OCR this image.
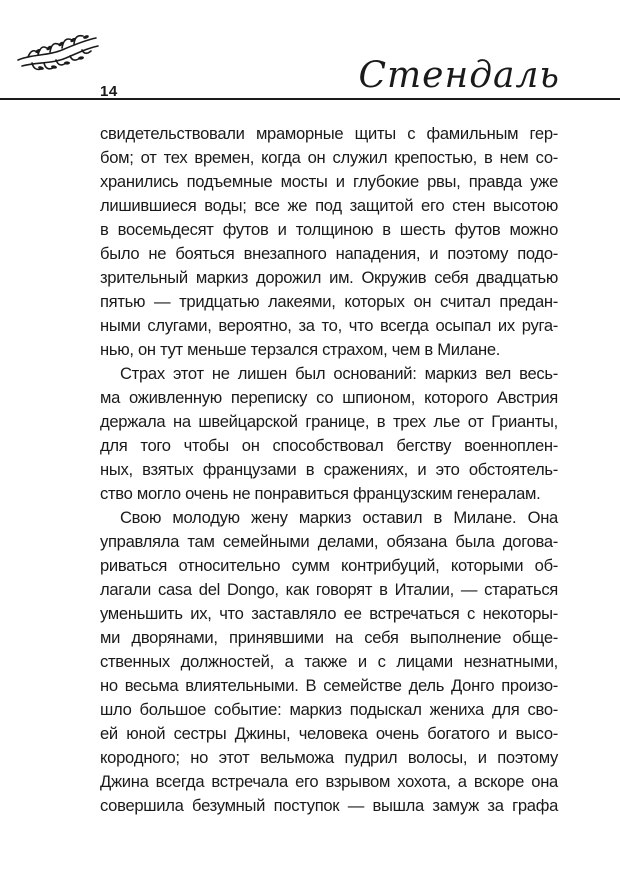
14	Стендаль

свидетельствовали мраморные щиты с фамильным гер-
бом; от тех времен, когда он служил крепостью, в нем со-
хранились подъемные мосты и глубокие рвы, правда уже
лишившиеся воды; все же под защитой его стен высотою
в восемьдесят футов и толщиною в шесть футов можно
было не бояться внезапного нападения, и поэтому подо-
зрительный маркиз дорожил им. Окружив себя двадцатью
пятью — тридцатью лакеями, которых он считал предан-
ными слугами, вероятно, за то, что всегда осыпал их руга-
нью, он тут меньше терзался страхом, чем в Милане.

Страх этот не лишен был оснований: маркиз вел весь-
ма оживленную переписку со шпионом, которого Австрия
держала на швейцарской границе, в трех лье от Грианты,
для того чтобы он способствовал бегству военноплен-
ных, взятых французами в сражениях, и это обстоятель-
ство могло очень не понравиться французским генералам.

Свою молодую жену маркиз оставил в Милане. Она
управляла там семейными делами, обязана была догова-
риваться относительно сумм контрибуций, которыми об-
лагали casa del Dongo, как говорят в Италии, — стараться
уменьшить их, что заставляло ее встречаться с некоторы-
ми дворянами, принявшими на себя выполнение обще-
ственных должностей, а также и с лицами незнатными,
но весьма влиятельными. В семействе дель Донго произо-
шло большое событие: маркиз подыскал жениха для сво-
ей юной сестры Джины, человека очень богатого и высо-
корoдного; но этот вельможа пудрил волосы, и поэтому
Джина всегда встречала его взрывом хохота, а вскоре она
совершила безумный поступок — вышла замуж за графа
